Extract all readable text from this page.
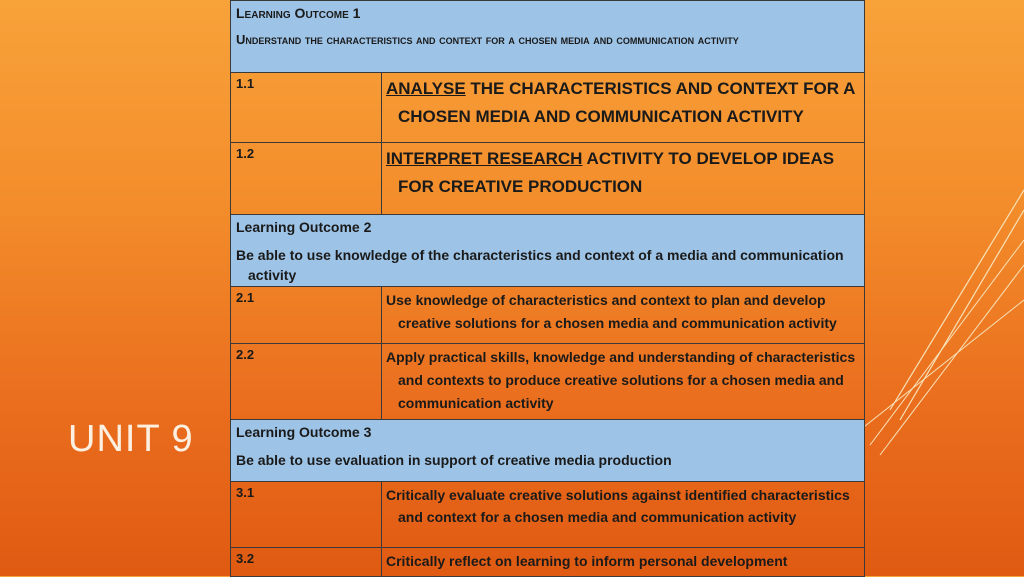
UNIT 9
Learning Outcome 1
Understand the characteristics and context for a chosen media and communication activity	

1.1	ANALYSE THE CHARACTERISTICS AND CONTEXT FOR A CHOSEN MEDIA AND COMMUNICATION ACTIVITY
1.2	INTERPRET RESEARCH ACTIVITY TO DEVELOP IDEAS FOR CREATIVE PRODUCTION

Learning Outcome 2
Be able to use knowledge of the characteristics and context of a media and communication activity	

2.1	Use knowledge of characteristics and context to plan and develop creative solutions for a chosen media and communication activity
2.2	Apply practical skills, knowledge and understanding of characteristics and contexts to produce creative solutions for a chosen media and communication activity

Learning Outcome 3
Be able to use evaluation in support of creative media production	

3.1	Critically evaluate creative solutions against identified characteristics and context for a chosen media and communication activity
3.2	Critically reflect on learning to inform personal development
